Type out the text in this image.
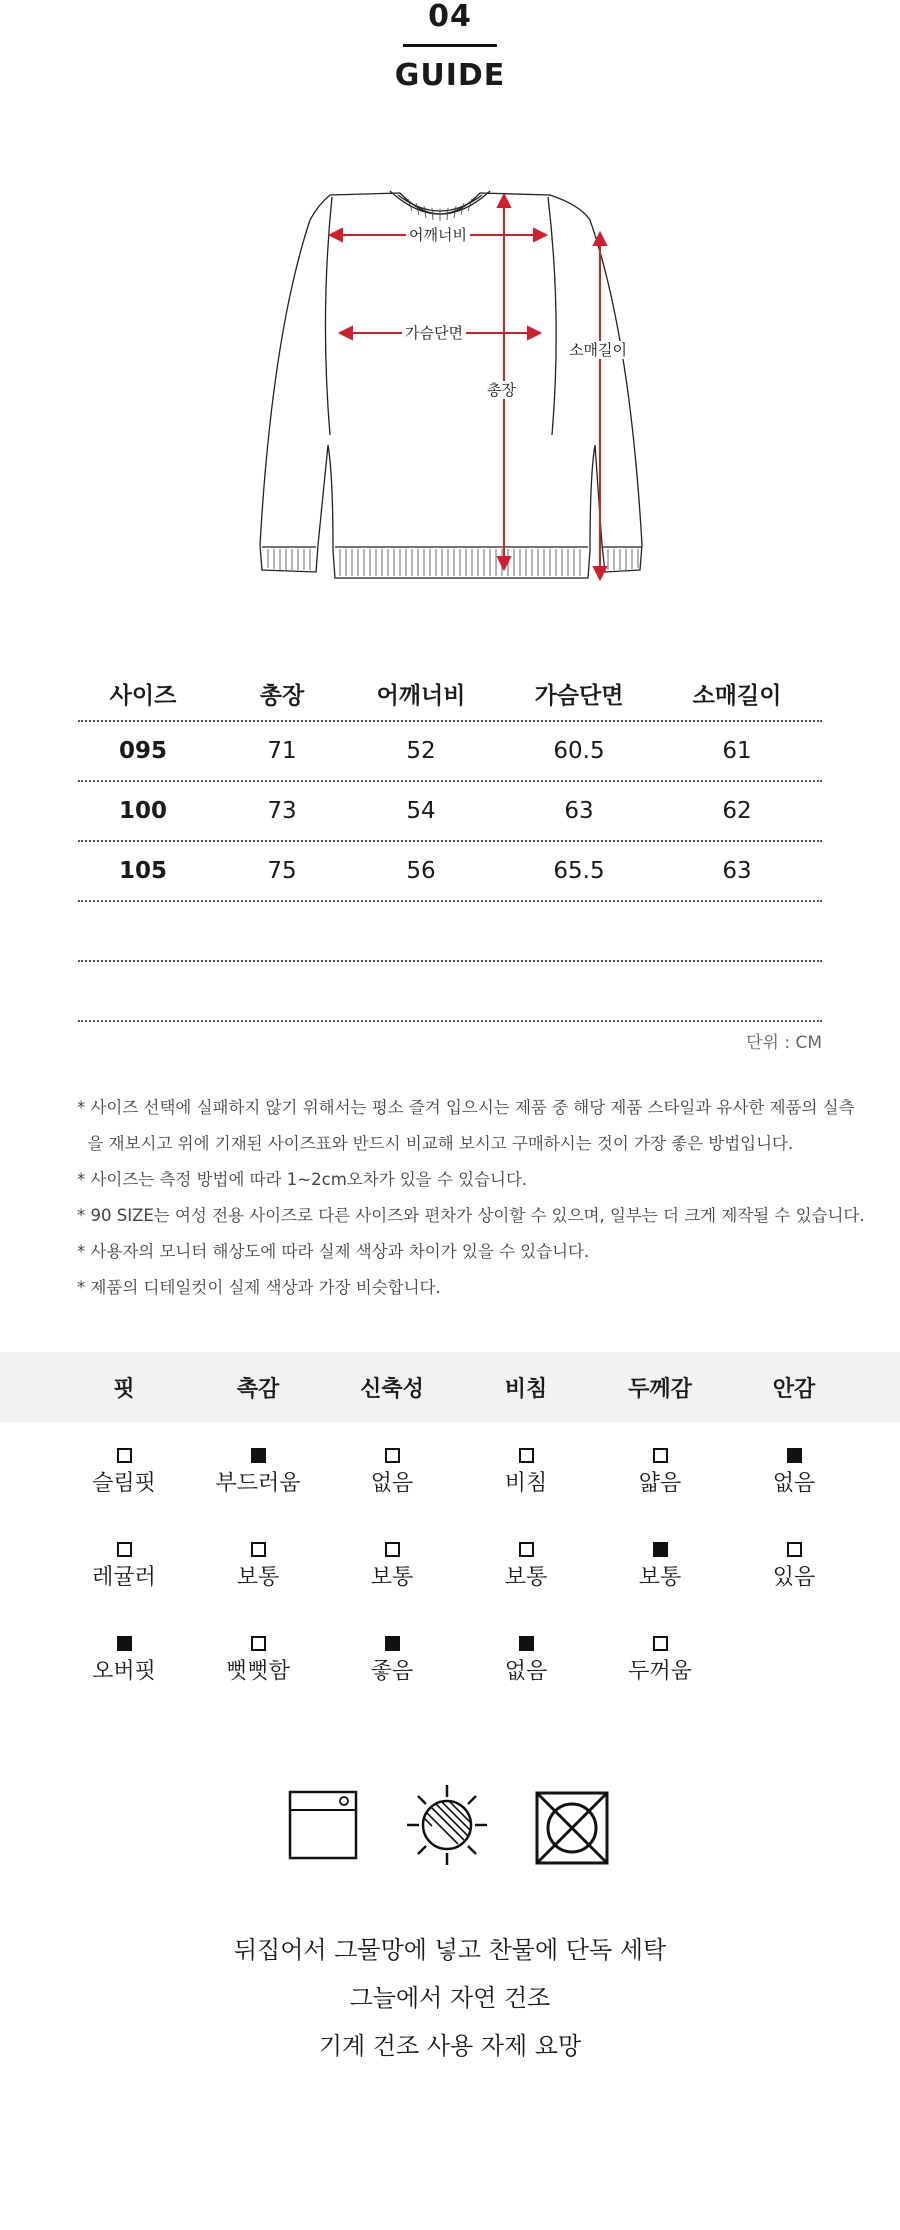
04
GUIDE
어깨너비
가슴단면
총장
소매길이
사이즈	총장	어깨너비	가슴단면	소매길이
095	71	52	60.5	61
100	73	54	63	62
105	75	56	65.5	63
단위 : CM
* 사이즈 선택에 실패하지 않기 위해서는 평소 즐겨 입으시는 제품 중 해당 제품 스타일과 유사한 제품의 실측
을 재보시고 위에 기재된 사이즈표와 반드시 비교해 보시고 구매하시는 것이 가장 좋은 방법입니다.
* 사이즈는 측정 방법에 따라 1~2cm오차가 있을 수 있습니다.
* 90 SIZE는 여성 전용 사이즈로 다른 사이즈와 편차가 상이할 수 있으며, 일부는 더 크게 제작될 수 있습니다.
* 사용자의 모니터 해상도에 따라 실제 색상과 차이가 있을 수 있습니다.
* 제품의 디테일컷이 실제 색상과 가장 비슷합니다.
핏	촉감	신축성	비침	두께감	안감
슬림핏	부드러움	없음	비침	얇음	없음
레귤러	보통	보통	보통	보통	있음
오버핏	뻣뻣함	좋음	없음	두꺼움
뒤집어서 그물망에 넣고 찬물에 단독 세탁
그늘에서 자연 건조
기계 건조 사용 자제 요망
